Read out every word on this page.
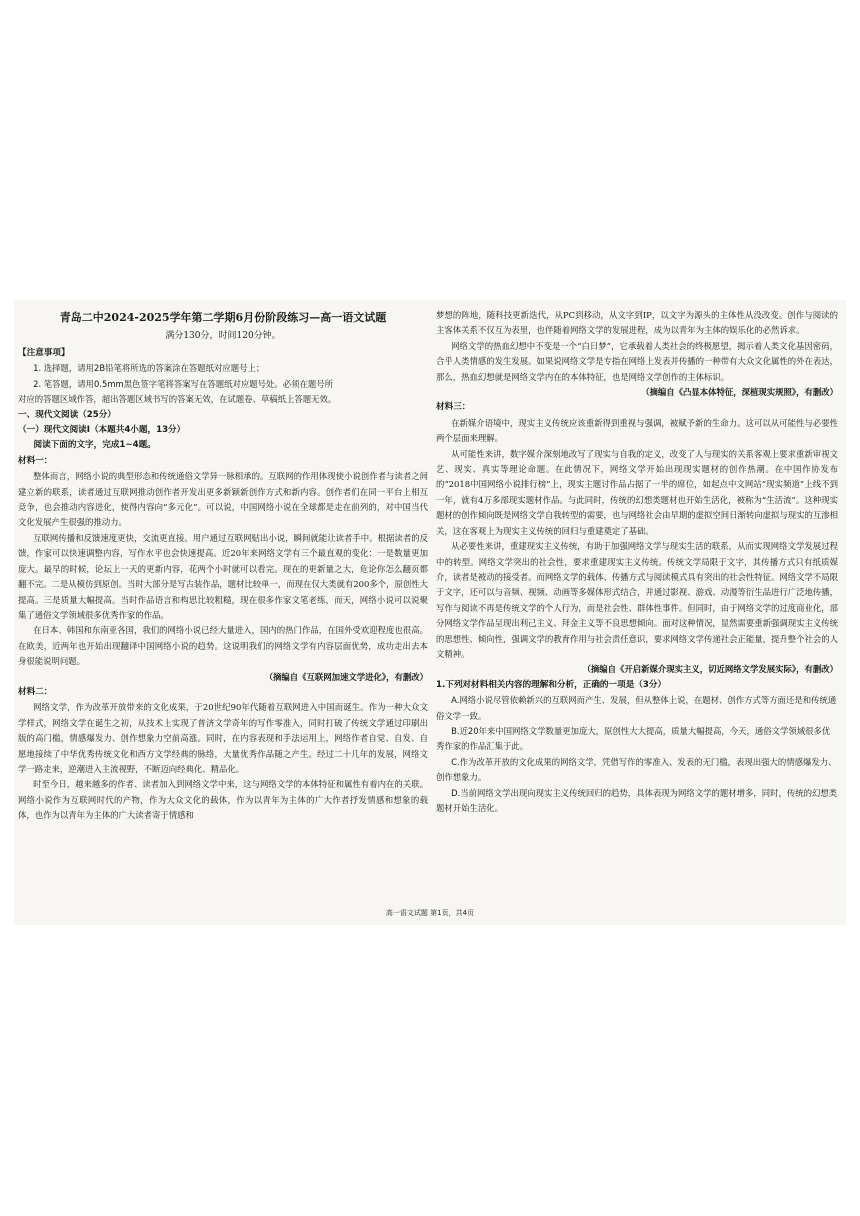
青岛二中2024-2025学年第二学期6月份阶段练习—高一语文试题

满分130分，时间120分钟。

【注意事项】

1. 选择题，请用2B铅笔将所选的答案涂在答题纸对应题号上；

2. 笔答题，请用0.5mm黑色签字笔将答案写在答题纸对应题号处。必须在题号所

对应的答题区域作答，超出答题区域书写的答案无效，在试题卷、草稿纸上答题无效。

一、现代文阅读（25分）

（一）现代文阅读I（本题共4小题，13分）

阅读下面的文字，完成1~4题。

材料一：

整体而言，网络小说的典型形态和传统通俗文学异一脉相承的。互联网的作用体现使小说创作者与读者之间建立新的联系，读者通过互联网推动创作者开发出更多新颖新创作方式和新内容。创作者们在同一平台上相互竞争，也会推动内容进化，使得内容向“多元化”。可以说，中国网络小说在全球都是走在前列的，对中国当代文化发展产生很强的推动力。

互联网传播和反馈速度更快，交流更直接。用户通过互联网贴出小说，瞬间就能让读者手中。根据读者的反馈，作家可以快速调整内容，写作水平也会快速提高。近20年来网络文学有三个最直观的变化：一是数量更加庞大。最早的时候，论坛上一天的更新内容，花两个小时就可以看完。现在的更新量之大，危论你怎么翻页都翻不完。二是从模仿到原创。当时大部分是写古装作品，题材比较单一，而现在仅大类就有200多个，原创性大提高。三是质量大幅提高。当时作品语言和构思比较粗糙，现在很多作家文笔老练，而天，网络小说可以说聚集了通俗文学领域很多优秀作家的作品。

在日本、韩国和东南亚各国，我们的网络小说已经大量进入，国内的热门作品，在国外受欢迎程度也很高。在欧美，近两年也开始出现翻译中国网络小说的趋势。这说明我们的网络文学有内容层面优势，成功走出去本身很能说明问题。

（摘编自《互联网加速文学进化》，有删改）

材料二：

网络文学，作为改革开放带来的文化成果，于20世纪90年代随着互联网进入中国而诞生。作为一种大众文学样式，网络文学在诞生之初，从技术上实现了普济文学奇年的写作零准入，同时打破了传统文学通过印刷出版的高门槛，情感爆发力、创作想象力空前高涨。同时，在内容表现和手法运用上，网络作者自觉、自发、自愿地接续了中华优秀传统文化和西方文学经典的脉络，大量优秀作品随之产生。经过二十几年的发展，网络文学一路走来，逆潮进入主流视野，不断迈向经典化、精品化。

时至今日，越来越多的作者、读者加入到网络文学中来，这与网络文学的本体特征和属性有着内在的关联。网络小说作为互联网时代的产物，作为大众文化的载体，作为以青年为主体的广大作者抒发情感和想象的载体，也作为以青年为主体的广大读者寄于情感和

梦想的阵地，随科技更新迭代，从PC到移动，从文字到IP，以文字为源头的主体性从没改变。创作与阅读的主客体关系不仅互为表里，也伴随着网络文学的发展进程，成为以青年为主体的娱乐化的必然诉求。

网络文学的热血幻想中不变是一个“白日梦”，它承载着人类社会的终极愿望，揭示着人类文化基因密码，合乎人类情感的发生发展。如果说网络文学是专指在网络上发表并传播的一种带有大众文化属性的外在表达，那么，热血幻想就是网络文学内在的本体特征，也是网络文学创作的主体标识。

（摘编自《凸显本体特征，深植现实规照》，有删改）

材料三：

在新媒介语境中，现实主义传统应该重新得到重视与强调，被赋予新的生命力。这可以从可能性与必要性两个层面来理解。

从可能性来讲，数字媒介深刻地改写了现实与自我的定义，改变了人与现实的关系客观上要求重新审视文艺、现实、真实等理论命题。在此情况下，网络文学开始出现现实题材的创作热潮。在中国作协发布的“2018中国网络小说排行榜”上，现实主题讨作品占据了一半的席位，如起点中文网站“现实频道”上线不到一年，就有4万多部现实题材作品。与此同时，传统的幻想类题材也开始生活化，被称为“生活流”。这种现实题材的创作倾向既是网络文学自我转型的需要，也与网络社会由早期的虚拟空间日渐转向虚拟与现实的互渗相关，这在客观上为现实主义传统的回归与重建奠定了基础。

从必要性来讲，重建现实主义传统，有助于加强网络文学与现实生活的联系，从而实现网络文学发展过程中的转型。网络文学突出的社会性，要求重建现实主义传统。传统文学局限于文字，其传播方式只有纸质媒介，读者是被动的接受者。而网络文学的载体、传播方式与阅读模式具有突出的社会性特征。网络文学不局限于文字，还可以与音频、视频、动画等多媒体形式结合，并通过影视、游戏、动漫等衍生品进行广泛地传播，写作与阅读不再是传统文学的个人行为，而是社会性、群体性事件。但同时，由于网络文学的过度商业化，部分网络文学作品呈现出利己主义、拜金主义等不良思想倾向。面对这种情况，显然需要重新强调现实主义传统的思想性、倾向性，强调文学的教育作用与社会责任意识，要求网络文学传递社会正能量，提升整个社会的人文精神。

（摘编自《开启新媒介现实主义，切近网络文学发展实际》，有删改）

1.下列对材料相关内容的理解和分析，正确的一项是（3分）

A.网络小说尽管依赖新兴的互联网而产生、发展，但从整体上说，在题材、创作方式等方面还是和传统通俗文学一致。

B.近20年来中国网络文学数量更加庞大，原创性大大提高，质量大幅提高，今天，通俗文学领域很多优秀作家的作品汇集于此。

C.作为改革开放的文化成果的网络文学，凭借写作的零准入、发表的无门槛，表现出强大的情感爆发力、创作想象力。

D.当前网络文学出现向现实主义传统回归的趋势，具体表现为网络文学的题材增多，同时，传统的幻想类题材开始生活化。

高一语文试题 第1页，共4页
